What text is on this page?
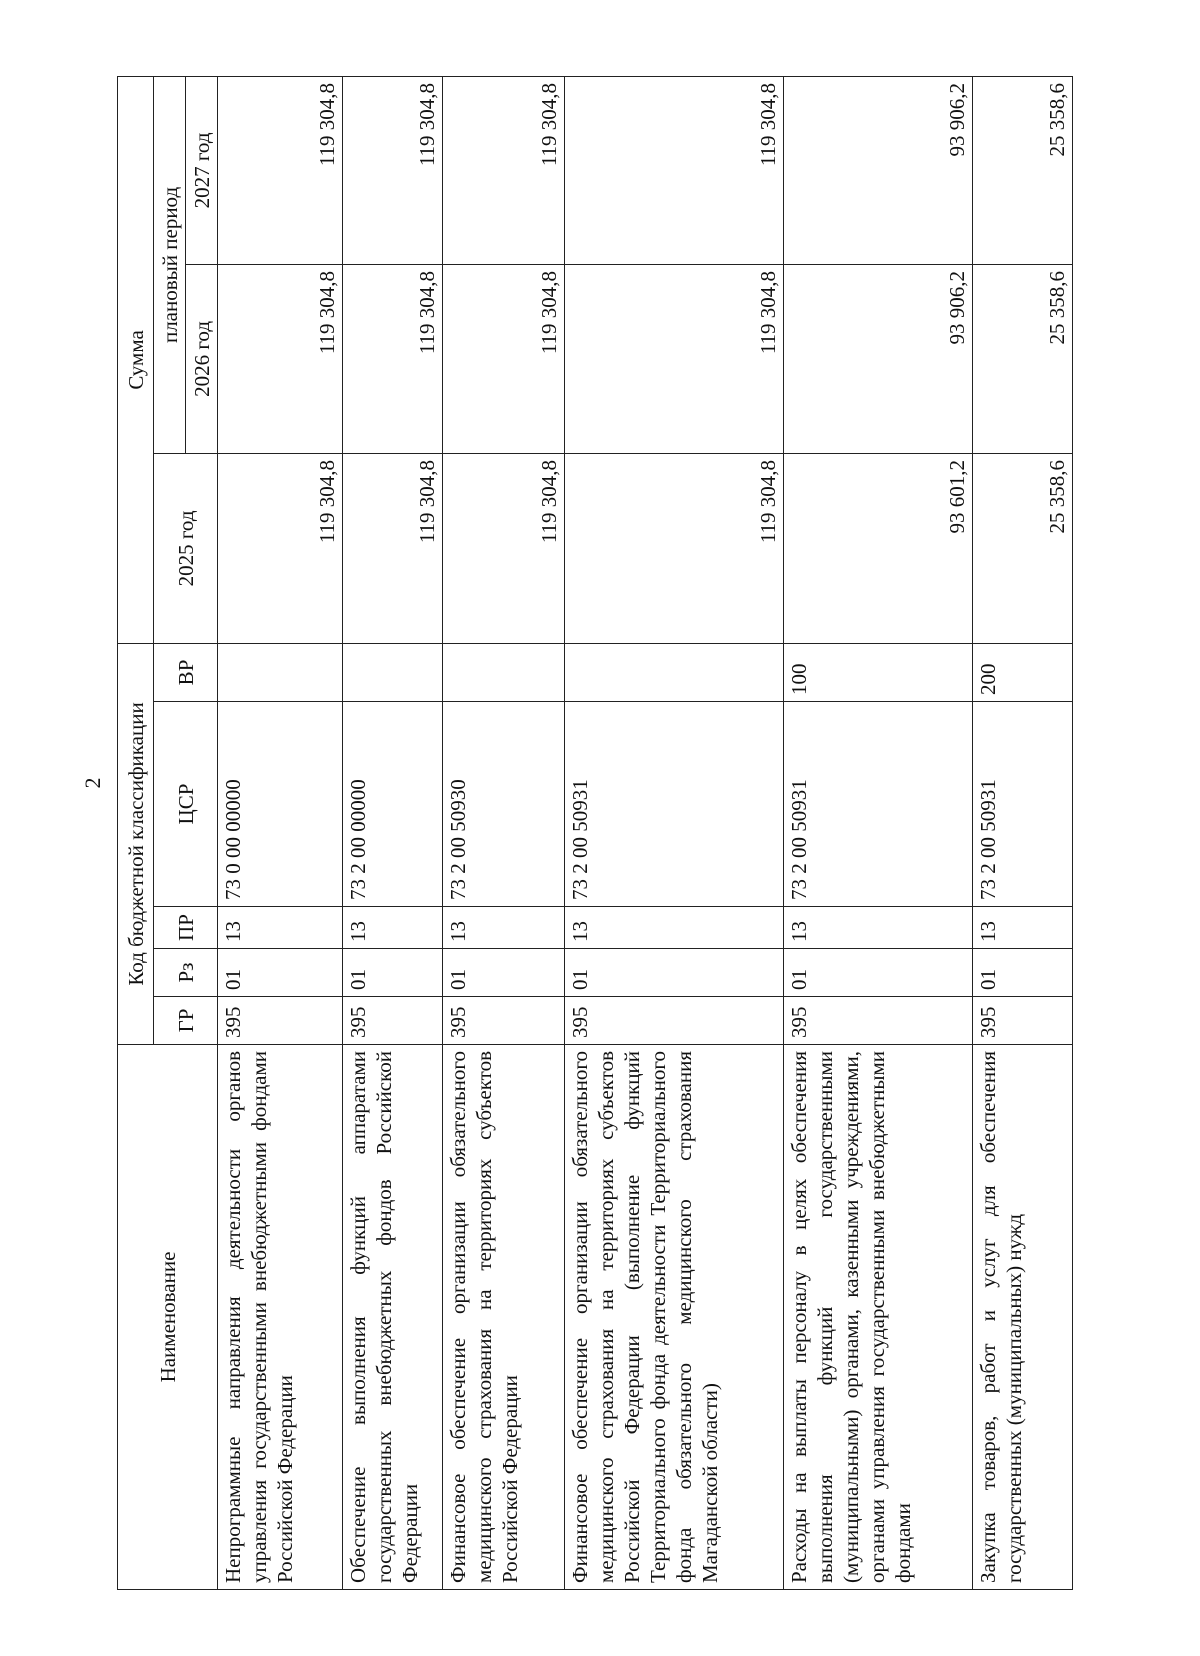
2
Наименование	Код бюджетной классификации					Сумма		
	ГР	Рз	ПР	ЦСР	ВР	2025 год	плановый период	
							2026 год	2027 год
Непрограммные направления деятельности органов управления государственными внебюджетными фондами Российской Федерации	395	01	13	73 0 00 00000		119 304,8	119 304,8	119 304,8
Обеспечение выполнения функций аппаратами государственных внебюджетных фондов Российской Федерации	395	01	13	73 2 00 00000		119 304,8	119 304,8	119 304,8
Финансовое обеспечение организации обязательного медицинского страхования на территориях субъектов Российской Федерации	395	01	13	73 2 00 50930		119 304,8	119 304,8	119 304,8
Финансовое обеспечение организации обязательного медицинского страхования на территориях субъектов Российской Федерации (выполнение функций Территориального фонда деятельности Территориального фонда обязательного медицинского страхования Магаданской области)	395	01	13	73 2 00 50931		119 304,8	119 304,8	119 304,8
Расходы на выплаты персоналу в целях обеспечения выполнения функций государственными (муниципальными) органами, казенными учреждениями, органами управления государственными внебюджетными фондами	395	01	13	73 2 00 50931	100	93 601,2	93 906,2	93 906,2
Закупка товаров, работ и услуг для обеспечения государственных (муниципальных) нужд	395	01	13	73 2 00 50931	200	25 358,6	25 358,6	25 358,6
